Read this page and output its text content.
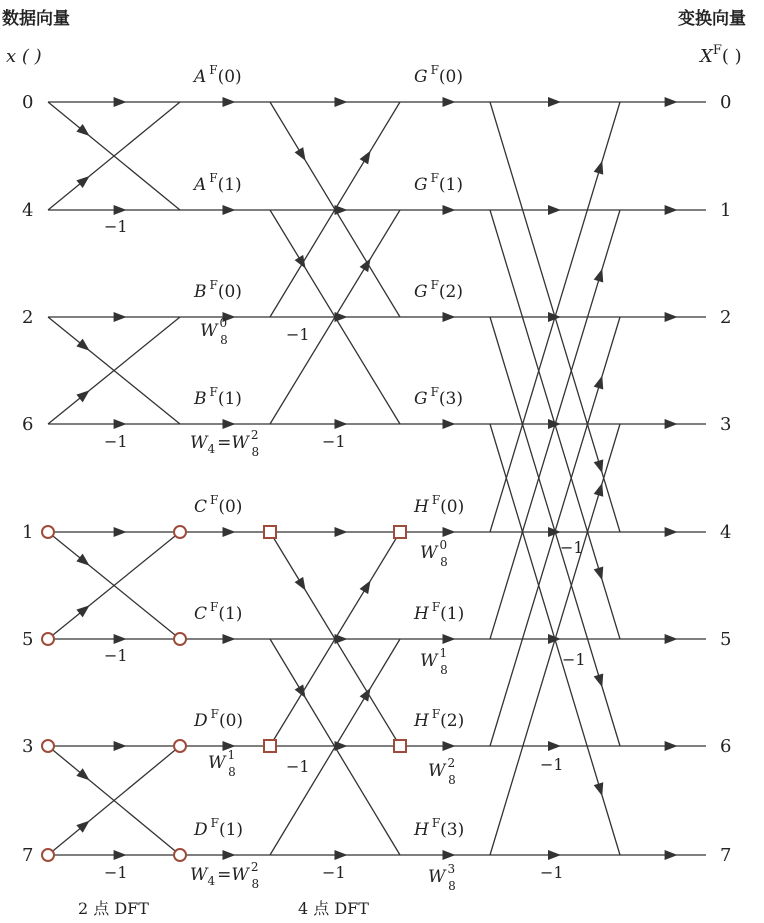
数据向量	变换向量
x ( )	$X^F$( )
0
4
2
6
1
5
3
7
0
1
2
3
4
5
6
7
A $^F$(0)
A $^F$(1)
B $^F$(0)
B $^F$(1)
C $^F$(0)
C $^F$(1)
D $^F$(0)
D $^F$(1)
G $^F$(0)
G $^F$(1)
G $^F$(2)
G $^F$(3)
H $^F$(0)
H $^F$(1)
H $^F$(2)
H $^F$(3)
−1
−1
−1
−1
−1
−1
−1
−1
−1
−1
−1
−1
W $^0$ 8
$W_4 =W$ $^2$ 8
W $^1$ 8
$W_4 =W$ $^2$ 8
W $^0$ 8
W $^1$ 8
W $^2$ 8
W $^3$ 8
2 点 DFT	4 点 DFT
